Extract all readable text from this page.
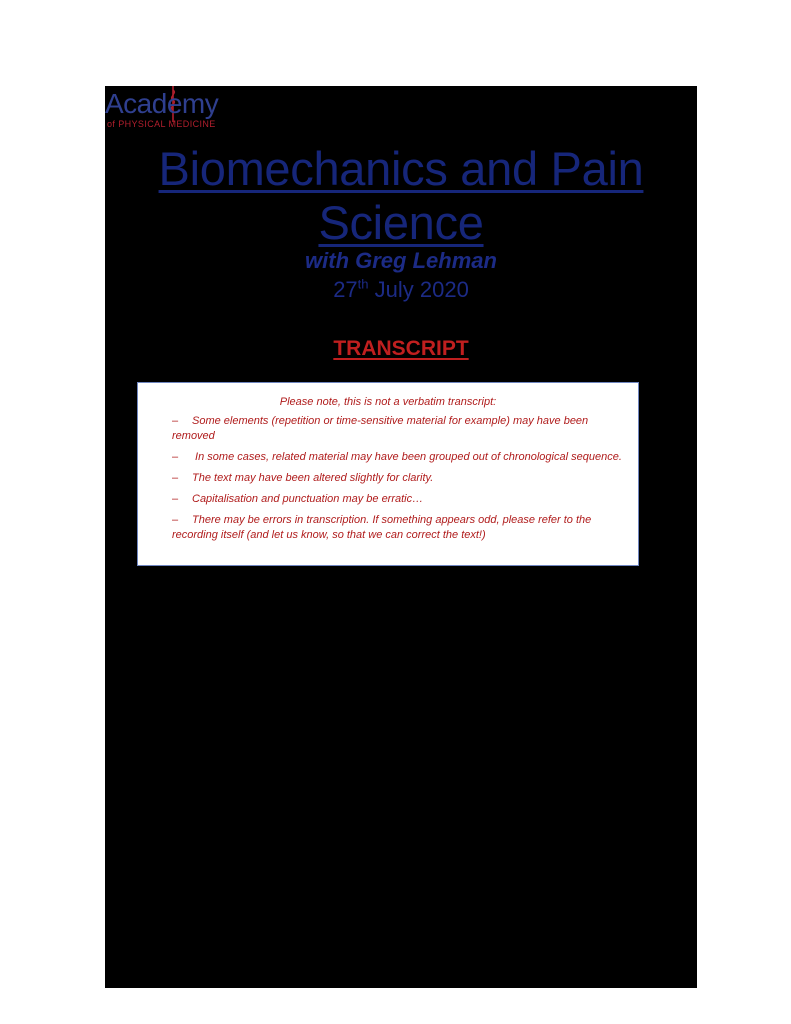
Academy
of PHYSICAL MEDICINE
Biomechanics and Pain
Science
with Greg Lehman
27th July 2020
TRANSCRIPT

Please note, this is not a verbatim transcript:

– Some elements (repetition or time-sensitive material for example) may have been removed
– In some cases, related material may have been grouped out of chronological sequence.
– The text may have been altered slightly for clarity.
– Capitalisation and punctuation may be erratic…
– There may be errors in transcription. If something appears odd, please refer to the recording itself (and let us know, so that we can correct the text!)
